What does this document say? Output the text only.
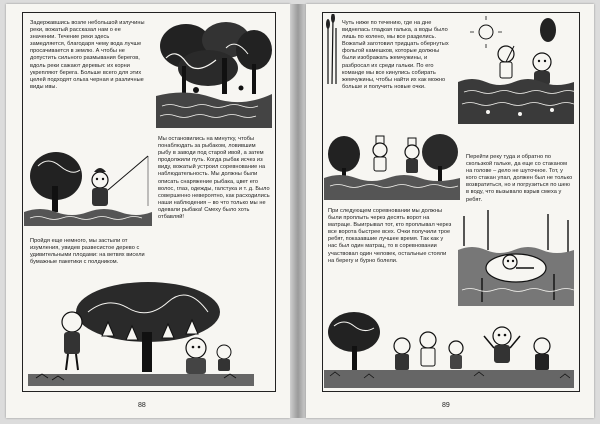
Задержавшись возле небольшой излучины реки, вожатый рассказал нам о ее значении. Течение реки здесь замедляется, благодаря чему вода лучше просачивается в землю. А чтобы не допустить сильного размывания берегов, вдоль реки сажают деревья: их корни укрепляют берега. Больше всего для этих целей подходят ольха черная и различные виды ивы.

Мы остановились на минутку, чтобы понаблюдать за рыбаком, ловившим рыбу в заводи под старой ивой, а затем продолжили путь. Когда рыбак исчез из виду, вожатый устроил соревнование на наблюдательность. Мы должны были описать снаряжение рыбака, цвет его волос, глаз, одежды, галстука и т. д. Было совершенно невероятно, как расходились наши наблюдения – во что только мы не одевали рыбака! Смеху было хоть отбавляй!

Пройдя еще немного, мы застыли от изумления, увидев развесистое дерево с удивительными плодами: на ветвях висели бумажные пакетики с полдником.

88

Чуть ниже по течению, где на дне виднелась гладкая галька, а воды было лишь по колено, мы все разделись. Вожатый заготовил тридцать обернутых фольгой камешков, которые должны были изображать жемчужины, и разбросал их среди гальки. По его команде мы все кинулись собирать жемчужины, чтобы найти их как можно больше и получить новые очки.

Перейти реку туда и обратно по скользкой гальке, да еще со стаканом на голове – дело не шуточное. Тот, у кого стакан упал, должен был не только возвратиться, но и погрузиться по шею в воду, что вызывало взрыв смеха у ребят.

При следующем соревновании мы должны были проплыть через десять ворот на матраце. Выигрывал тот, кто проплывал через все ворота быстрее всех. Очки получили трое ребят, показавшие лучшее время. Так как у нас был один матрац, то в соревновании участвовал один человек, остальные стояли на берегу и бурно болели.

89
